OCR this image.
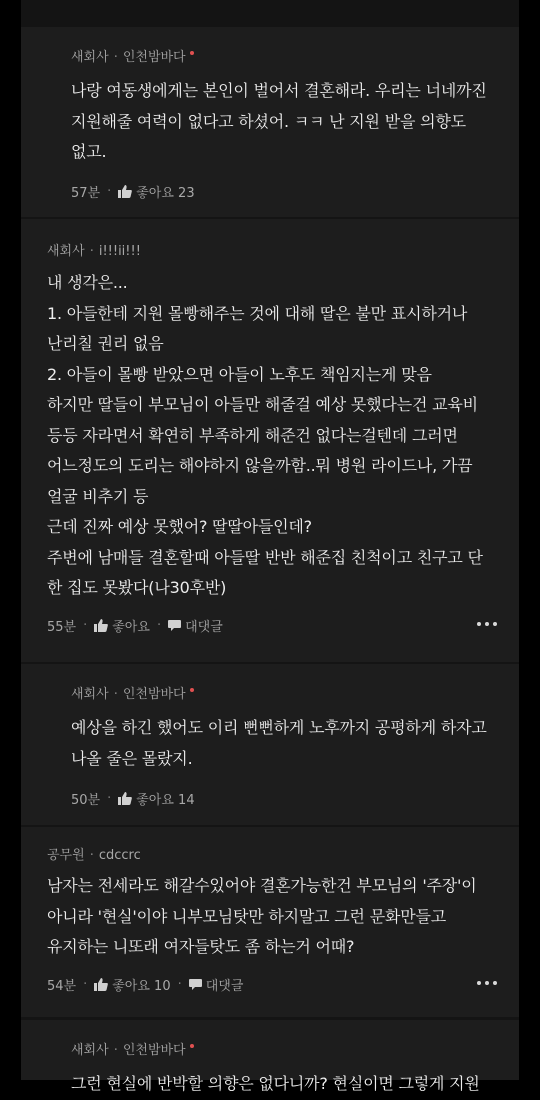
새회사 · 인천밤바다
나랑 여동생에게는 본인이 벌어서 결혼해라. 우리는 너네까진
지원해줄 여력이 없다고 하셨어. ㅋㅋ 난 지원 받을 의향도
없고.
57분 · 좋아요 23
새회사 · i!!!ii!!!
내 생각은...
1. 아들한테 지원 몰빵해주는 것에 대해 딸은 불만 표시하거나
난리칠 권리 없음
2. 아들이 몰빵 받았으면 아들이 노후도 책임지는게 맞음
하지만 딸들이 부모님이 아들만 해줄걸 예상 못했다는건 교육비
등등 자라면서 확연히 부족하게 해준건 없다는걸텐데 그러면
어느정도의 도리는 해야하지 않을까함..뭐 병원 라이드나, 가끔
얼굴 비추기 등
근데 진짜 예상 못했어? 딸딸아들인데?
주변에 남매들 결혼할때 아들딸 반반 해준집 친척이고 친구고 단
한 집도 못봤다(나30후반)
55분 · 좋아요 · 대댓글
새회사 · 인천밤바다
예상을 하긴 했어도 이리 뻔뻔하게 노후까지 공평하게 하자고
나올 줄은 몰랐지.
50분 · 좋아요 14
공무원 · cdccrc
남자는 전세라도 해갈수있어야 결혼가능한건 부모님의 '주장'이
아니라 '현실'이야 니부모님탓만 하지말고 그런 문화만들고
유지하는 니또래 여자들탓도 좀 하는거 어때?
54분 · 좋아요 10 · 대댓글
새회사 · 인천밤바다
그런 현실에 반박할 의향은 없다니까? 현실이면 그렇게 지원
